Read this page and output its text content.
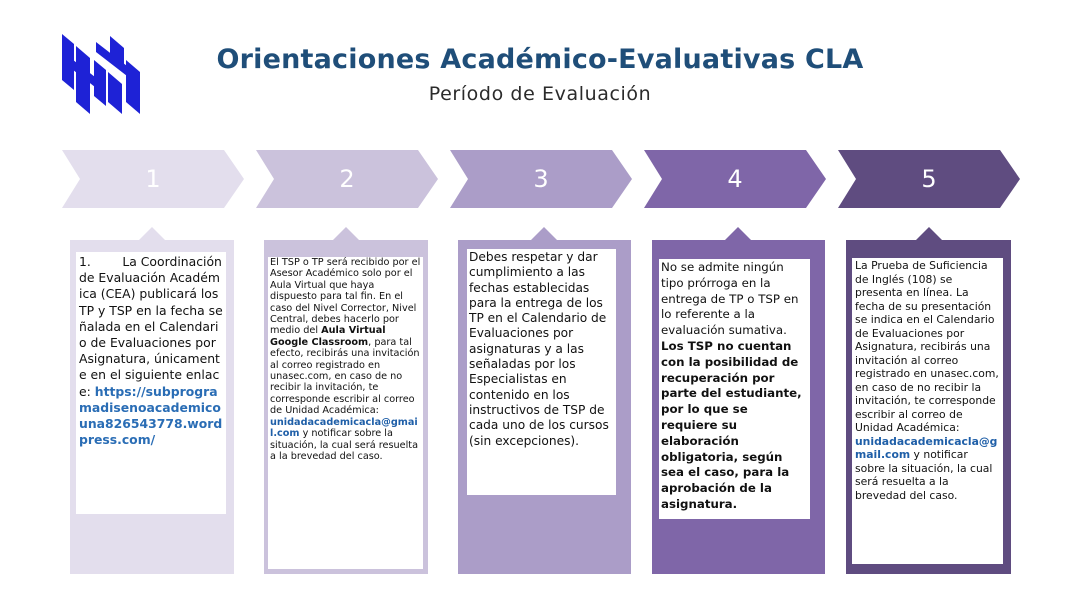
Orientaciones Académico-Evaluativas CLA
Período de Evaluación
1	2	3	4	5
1.        La Coordinación de Evaluación Académica (CEA) publicará los TP y TSP en la fecha señalada en el Calendario de Evaluaciones por Asignatura, únicamente en el siguiente enlace: https://subprogramadisenoacademicouna826543778.wordpress.com/
El TSP o TP será recibido por el Asesor Académico solo por el Aula Virtual que haya dispuesto para tal fin. En el caso del Nivel Corrector, Nivel Central, debes hacerlo por medio del Aula Virtual Google Classroom, para tal efecto, recibirás una invitación al correo registrado en unasec.com, en caso de no recibir la invitación, te corresponde escribir al correo de Unidad Académica: unidadacademicacla@gmail.com y notificar sobre la situación, la cual será resuelta a la brevedad del caso.
Debes respetar y dar cumplimiento a las fechas establecidas para la entrega de los TP en el Calendario de Evaluaciones por asignaturas y a las señaladas por los Especialistas en contenido en los instructivos de TSP de cada uno de los cursos (sin excepciones).
No se admite ningún tipo prórroga en la entrega de TP o TSP en lo referente a la evaluación sumativa. Los TSP no cuentan con la posibilidad de recuperación por parte del estudiante, por lo que se requiere su elaboración obligatoria, según sea el caso, para la aprobación de la asignatura.
La Prueba de Suficiencia de Inglés (108) se presenta en línea. La fecha de su presentación se indica en el Calendario de Evaluaciones por Asignatura, recibirás una invitación al correo registrado en unasec.com, en caso de no recibir la invitación, te corresponde escribir al correo de Unidad Académica: unidadacademicacla@gmail.com y notificar sobre la situación, la cual será resuelta a la brevedad del caso.
